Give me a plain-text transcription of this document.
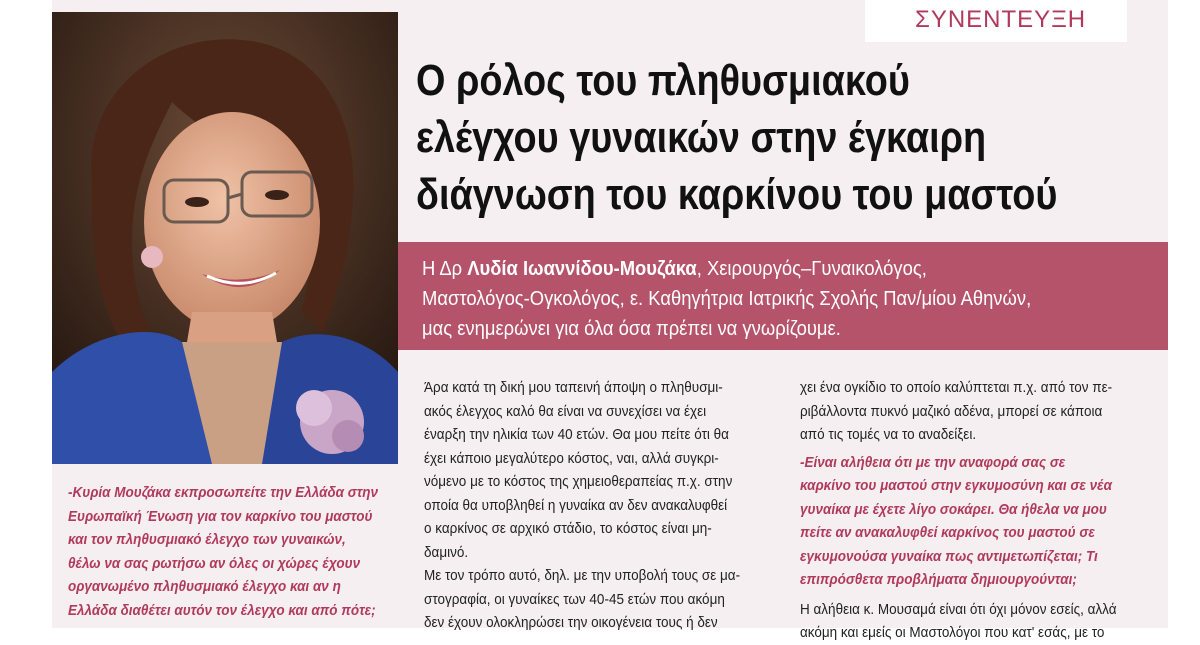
ΣΥΝΕΝΤΕΥΞΗ
Ο ρόλος του πληθυσμιακού
ελέγχου γυναικών στην έγκαιρη
διάγνωση του καρκίνου του μαστού
Η Δρ Λυδία Ιωαννίδου-Μουζάκα, Χειρουργός–Γυναικολόγος,
Μαστολόγος-Ογκολόγος, ε. Καθηγήτρια Ιατρικής Σχολής Παν/μίου Αθηνών,
μας ενημερώνει για όλα όσα πρέπει να γνωρίζουμε.
-Κυρία Μουζάκα εκπροσωπείτε την Ελλάδα στην
Ευρωπαϊκή Ένωση για τον καρκίνο του μαστού
και τον πληθυσμιακό έλεγχο των γυναικών,
θέλω να σας ρωτήσω αν όλες οι χώρες έχουν
οργανωμένο πληθυσμιακό έλεγχο και αν η
Ελλάδα διαθέτει αυτόν τον έλεγχο και από πότε;
Άρα κατά τη δική μου ταπεινή άποψη ο πληθυσμι-
ακός έλεγχος καλό θα είναι να συνεχίσει να έχει
έναρξη την ηλικία των 40 ετών. Θα μου πείτε ότι θα
έχει κάποιο μεγαλύτερο κόστος, ναι, αλλά συγκρι-
νόμενο με το κόστος της χημειοθεραπείας π.χ. στην
οποία θα υποβληθεί η γυναίκα αν δεν ανακαλυφθεί
ο καρκίνος σε αρχικό στάδιο, το κόστος είναι μη-
δαμινό.
Με τον τρόπο αυτό, δηλ. με την υποβολή τους σε μα-
στογραφία, οι γυναίκες των 40-45 ετών που ακόμη
δεν έχουν ολοκληρώσει την οικογένεια τους ή δεν
χει ένα ογκίδιο το οποίο καλύπτεται π.χ. από τον πε-
ριβάλλοντα πυκνό μαζικό αδένα, μπορεί σε κάποια
από τις τομές να το αναδείξει.
-Είναι αλήθεια ότι με την αναφορά σας σε
καρκίνο του μαστού στην εγκυμοσύνη και σε νέα
γυναίκα με έχετε λίγο σοκάρει. Θα ήθελα να μου
πείτε αν ανακαλυφθεί καρκίνος του μαστού σε
εγκυμονούσα γυναίκα πως αντιμετωπίζεται; Τι
επιπρόσθετα προβλήματα δημιουργούνται;
Η αλήθεια κ. Μουσαμά είναι ότι όχι μόνον εσείς, αλλά
ακόμη και εμείς οι Μαστολόγοι που κατ' εσάς, με το
